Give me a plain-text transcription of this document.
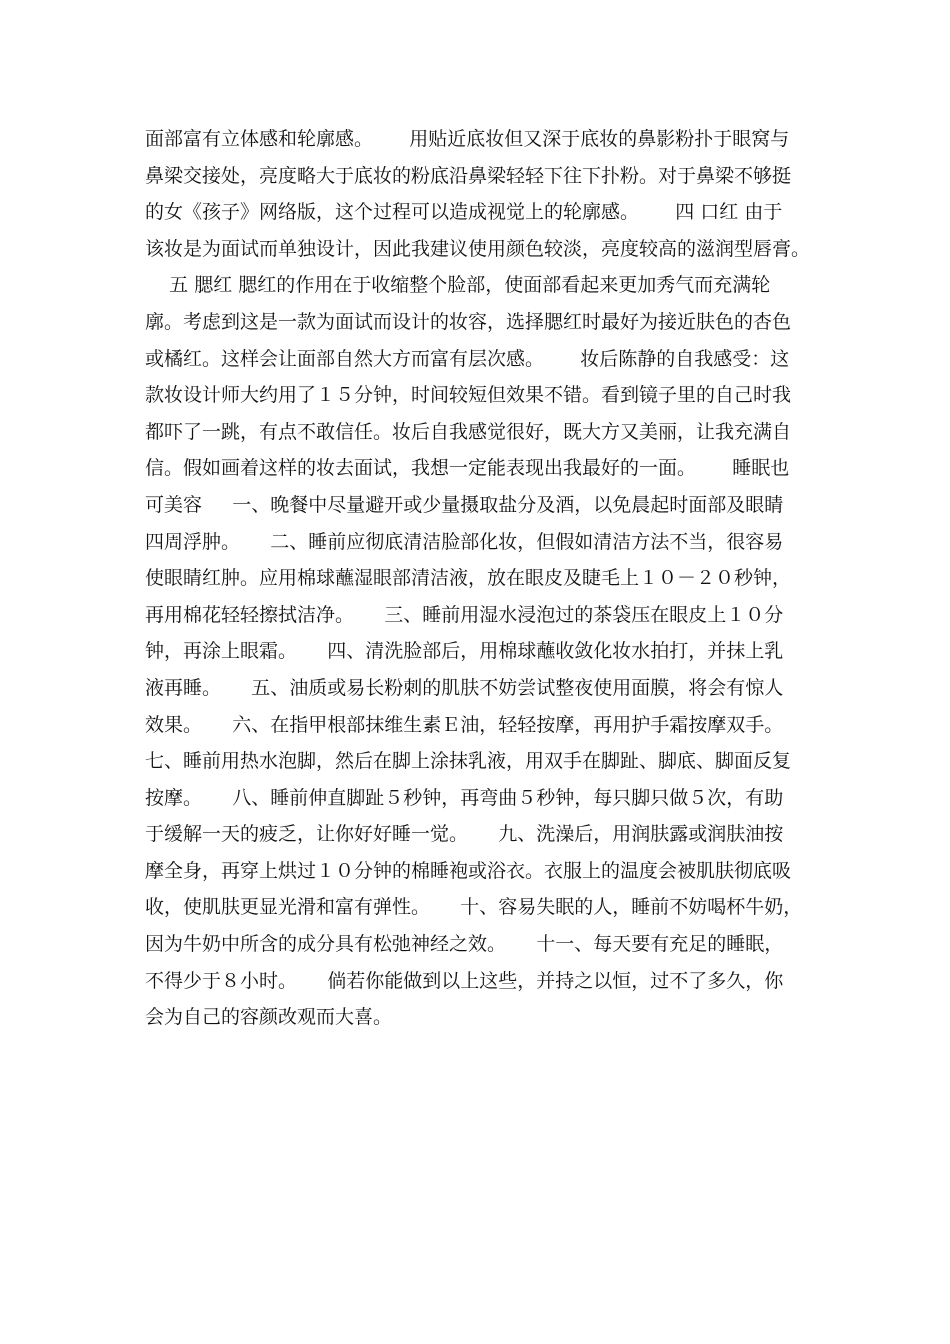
面部富有立体感和轮廓感。      用贴近底妆但又深于底妆的鼻影粉扑于眼窝与
鼻梁交接处，亮度略大于底妆的粉底沿鼻梁轻轻下往下扑粉。对于鼻梁不够挺
的女《孩子》网络版，这个过程可以造成视觉上的轮廓感。      四 口红 由于
该妆是为面试而单独设计，因此我建议使用颜色较淡，亮度较高的滋润型唇膏。
五 腮红 腮红的作用在于收缩整个脸部，使面部看起来更加秀气而充满轮
廓。考虑到这是一款为面试而设计的妆容，选择腮红时最好为接近肤色的杏色
或橘红。这样会让面部自然大方而富有层次感。      妆后陈静的自我感受：这
款妆设计师大约用了１５分钟，时间较短但效果不错。看到镜子里的自己时我
都吓了一跳，有点不敢信任。妆后自我感觉很好，既大方又美丽，让我充满自
信。假如画着这样的妆去面试，我想一定能表现出我最好的一面。      睡眠也
可美容     一、晚餐中尽量避开或少量摄取盐分及酒，以免晨起时面部及眼睛
四周浮肿。     二、睡前应彻底清洁脸部化妆，但假如清洁方法不当，很容易
使眼睛红肿。应用棉球蘸湿眼部清洁液，放在眼皮及睫毛上１０－２０秒钟，
再用棉花轻轻擦拭洁净。     三、睡前用湿水浸泡过的茶袋压在眼皮上１０分
钟，再涂上眼霜。     四、清洗脸部后，用棉球蘸收敛化妆水拍打，并抹上乳
液再睡。     五、油质或易长粉刺的肌肤不妨尝试整夜使用面膜，将会有惊人
效果。     六、在指甲根部抹维生素Ｅ油，轻轻按摩，再用护手霜按摩双手。
七、睡前用热水泡脚，然后在脚上涂抹乳液，用双手在脚趾、脚底、脚面反复
按摩。     八、睡前伸直脚趾５秒钟，再弯曲５秒钟，每只脚只做５次，有助
于缓解一天的疲乏，让你好好睡一觉。     九、洗澡后，用润肤露或润肤油按
摩全身，再穿上烘过１０分钟的棉睡袍或浴衣。衣服上的温度会被肌肤彻底吸
收，使肌肤更显光滑和富有弹性。     十、容易失眠的人，睡前不妨喝杯牛奶，
因为牛奶中所含的成分具有松弛神经之效。     十一、每天要有充足的睡眠，
不得少于８小时。     倘若你能做到以上这些，并持之以恒，过不了多久，你
会为自己的容颜改观而大喜。
